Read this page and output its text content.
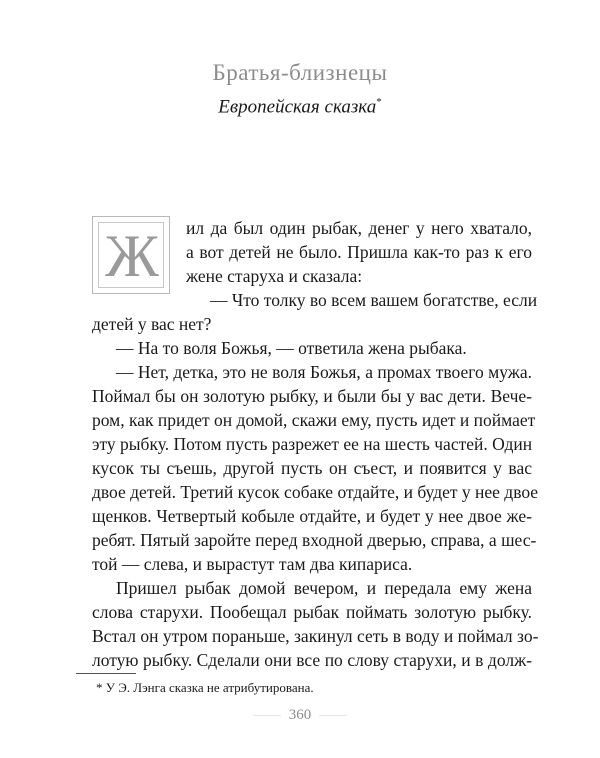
Братья-близнецы
Европейская сказка*
Ж	ил да был один рыбак, денег у него хватало,
а вот детей не было. Пришла как-то раз к его
жене старуха и сказала:
— Что толку во всем вашем богатстве, если
детей у вас нет?
— На то воля Божья, — ответила жена рыбака.
— Нет, детка, это не воля Божья, а промах твоего мужа.
Поймал бы он золотую рыбку, и были бы у вас дети. Вече-
ром, как придет он домой, скажи ему, пусть идет и поймает
эту рыбку. Потом пусть разрежет ее на шесть частей. Один
кусок ты съешь, другой пусть он съест, и появится у вас
двое детей. Третий кусок собаке отдайте, и будет у нее двое
щенков. Четвертый кобыле отдайте, и будет у нее двое же-
ребят. Пятый заройте перед входной дверью, справа, а шес-
той — слева, и вырастут там два кипариса.
Пришел рыбак домой вечером, и передала ему жена
слова старухи. Пообещал рыбак поймать золотую рыбку.
Встал он утром пораньше, закинул сеть в воду и поймал зо-
лотую рыбку. Сделали они все по слову старухи, и в долж-
* У Э. Лэнга сказка не атрибутирована.
360
